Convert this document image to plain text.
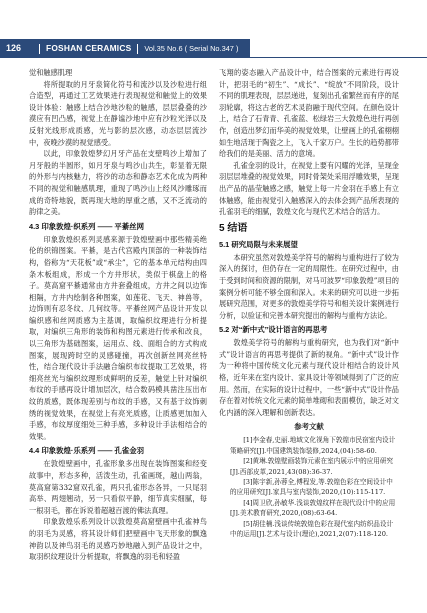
126	FOSHAN CERAMICS Vol.35 No.6 ( Serial No.347 )

觉和触感肌理

将所提取的月牙泉简化符号和流沙以及沙粒进行组合造型，再通过工艺效果进行表现视觉和触觉上的效果设计体验：触感上结合沙地沙粒的触感，层层叠叠的沙漠应有凹凸感，视觉上在静谧沙地中应有沙粒光泽以及反射光线形成质感，光与影的层次感，动态层层流沙中，夜晚沙漠的视觉感受。

以此，印象敦煌梦幻月牙产品在支壁鸣沙上增加了月牙般的半圆形，如月牙泉与鸣沙山共生，彰显着无限的外形与内核魅力，将沙的动态和静态艺术化成为两种不同的视觉和触感肌理，重现了鸣沙山上经风沙雕琢而成的奇特地貌，既再现大地的厚重之感，又不乏流动的韵律之美。

4.3 印象敦煌·织系列 —— 平綦丝网

印象敦煌织系列灵感来源于敦煌壁画中那些精美绝伦的织锦图案。平綦，是古代宫殿内顶部的一种装饰结构，俗称为“天花板”或“承尘”，它的基本单元结构由四条木板组成，形成一个方井形状，类似于棋盘上的格子。莫高窟平綦通常由方井套叠组成，方井之间以边饰相隔，方井内绘制各种图案，如莲花、飞天、神兽等，边饰则有忍冬纹、几何纹等。平綦丝网产品设计开发以编织感和丝网质感为主基调，取编织纹理进行分析提取，对编织三角形的装饰和构图元素进行传承和改良，以三角形为基础图案，运用点、线、面组合的方式构成图案，展现跨时空的灵感碰撞，再次创新丝网亮丝特性，结合现代设计手法融合编织布纹提取工艺效果，将细亮丝光与编织纹理形成鲜明的反差，触觉上针对编织布纹的手感再设计增加层次，结合数码模具凿注压出布纹的质感，既体现差别与布纹的手感，又有基于纹饰刺绣的视觉效果，在视觉上有亮光质感，让质感更加加入手感，布纹厚度细处三种手感，多种设计手法相结合的效果。

4.4 印象敦煌·乐系列 —— 孔雀金羽

在敦煌壁画中，孔雀形象多出现在装饰图案和经变故事中，形态多种，活泼生动，孔雀画斑，越山两翁，莫高窟第332窟双孔雀，两只孔雀形态各异，一只尾羽高举、两翅翘动，另一只看似平静，细节真实细腻，每一根羽毛，都在诉说着超越百渡的佛法真理。

印象敦煌乐系列设计以敦煌莫高窟壁画中孔雀神鸟的羽毛为灵感，将其设计师们把壁画中飞天形象的飘逸神韵以及神鸟羽毛的灵感巧妙地融入到产品设计之中，取羽织纹理设计分析提取，将飘逸的羽毛和轻盈

飞翔的姿态融入产品设计中，结合图案的元素进行再设计，把羽毛的“初生”、“成长”、“绽放”不同阶段，设计不同的肌理表现，层层递进，复刻出孔雀繁丝而有序的尾羽轮廓，将这古老的艺术灵韵融于现代空间。在颜色设计上，结合了石青青、孔雀蓝、松绿岩三大敦煌色进行再创作，创造出梦幻而华美的视觉效果，让壁画上的孔雀栩栩如生地活现于陶瓷之上，飞入千家万户。生长的趋势都带给我们的是美丽、活力的意境。

孔雀金羽的设计，在视觉上要有闪耀的光泽，呈现金羽层层堆叠的视觉效果，同时骨架处采用浮雕效果，呈现出产品的晶莹触感之感，触觉上每一片金羽在手感上有立体触感，能由视觉引入触感深入的去体会到产品所表现的孔雀羽毛的细腻，敦煌文化与现代艺术结合的活力。

5 结语
5.1 研究局限与未来展望

本研究虽然对敦煌美学符号的解构与重构进行了较为深入的探讨，但仍存在一定的局限性。在研究过程中，由于受到时间和资源的限制，对马可波罗“印象敦煌”项目的案例分析可能不够全面和深入。未来的研究可以进一步拓展研究范围，对更多的敦煌美学符号和相关设计案例进行分析，以验证和完善本研究提出的解构与重构方法论。

5.2 对“新中式”设计语言的再思考

敦煌美学符号的解构与重构研究，也为我们对“新中式”设计语言的再思考提供了新的视角。“新中式”设计作为一种将中国传统文化元素与现代设计相结合的设计风格，近年来在室内设计、家具设计等领域得到了广泛的应用。然而，在实际的设计过程中，一些“新中式”设计作品存在着对传统文化元素的简单堆砌和表面模仿，缺乏对文化内涵的深入理解和创新表达。

参考文献

[1]李金春,史丽.地域文化视角下敦煌市民宿室内设计策略研究[J].中国建筑装饰装修,2024,(04):58-60.

[2]黄琳.敦煌壁画装饰元素在室内展示中的应用研究[J].西部皮革,2021,43(08):36-37.

[3]陈宇新,孙蓉全,傅程发,等.敦煌色彩在空间设计中的应用研究[J].家具与室内装饰,2020,(10):115-117.

[4]周卫欣,孙敏华.浅谈敦煌纹样在现代设计中的应用[J].美术教育研究,2020,(08):63-64.

[5]胡佳楠.浅谈传统敦煌色彩在现代室内纺织品设计中的运用[J].艺术与设计(理论),2021,2(07):118-120.
